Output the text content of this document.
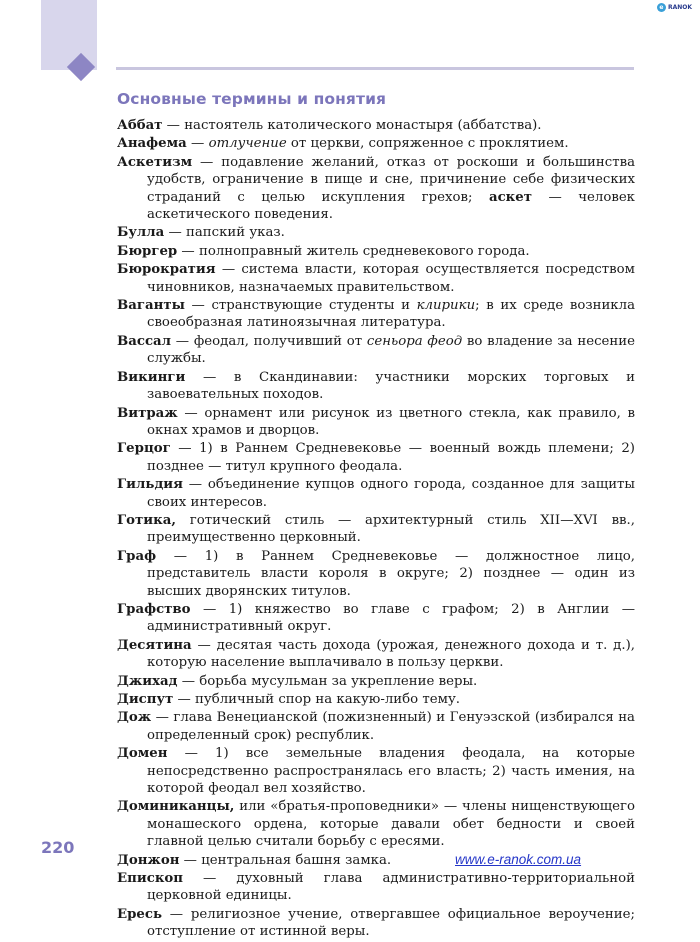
e RANOK
Основные термины и понятия

Аббат — настоятель католического монастыря (аббатства).

Анафема — отлучение от церкви, сопряженное с проклятием.

Аскетизм — подавление желаний, отказ от роскоши и большинства удобств, ограничение в пище и сне, причинение себе физических страданий с целью искупления грехов; аскет — человек аскетического поведения.

Булла — папский указ.

Бюргер — полноправный житель средневекового города.

Бюрократия — система власти, которая осуществляется посредством чиновников, назначаемых правительством.

Ваганты — странствующие студенты и клирики; в их среде возникла своеобразная латиноязычная литература.

Вассал — феодал, получивший от сеньора феод во владение за несение службы.

Викинги — в Скандинавии: участники морских торговых и завоевательных походов.

Витраж — орнамент или рисунок из цветного стекла, как правило, в окнах храмов и дворцов.

Герцог — 1) в Раннем Средневековье — военный вождь племени; 2) позднее — титул крупного феодала.

Гильдия — объединение купцов одного города, созданное для защиты своих интересов.

Готика, готический стиль — архитектурный стиль XII—XVI вв., преимущественно церковный.

Граф — 1) в Раннем Средневековье — должностное лицо, представитель власти короля в округе; 2) позднее — один из высших дворянских титулов.

Графство — 1) княжество во главе с графом; 2) в Англии — административный округ.

Десятина — десятая часть дохода (урожая, денежного дохода и т. д.), которую население выплачивало в пользу церкви.

Джихад — борьба мусульман за укрепление веры.

Диспут — публичный спор на какую-либо тему.

Дож — глава Венецианской (пожизненный) и Генуэзской (избирался на определенный срок) республик.

Домен — 1) все земельные владения феодала, на которые непосредственно распространялась его власть; 2) часть имения, на которой феодал вел хозяйство.

Доминиканцы, или «братья-проповедники» — члены нищенствующего монашеского ордена, которые давали обет бедности и своей главной целью считали борьбу с ересями.

Донжон — центральная башня замка.

Епископ — духовный глава административно-территориальной церковной единицы.

Ересь — религиозное учение, отвергавшее официальное вероучение; отступление от истинной веры.

220
www.e-ranok.com.ua
